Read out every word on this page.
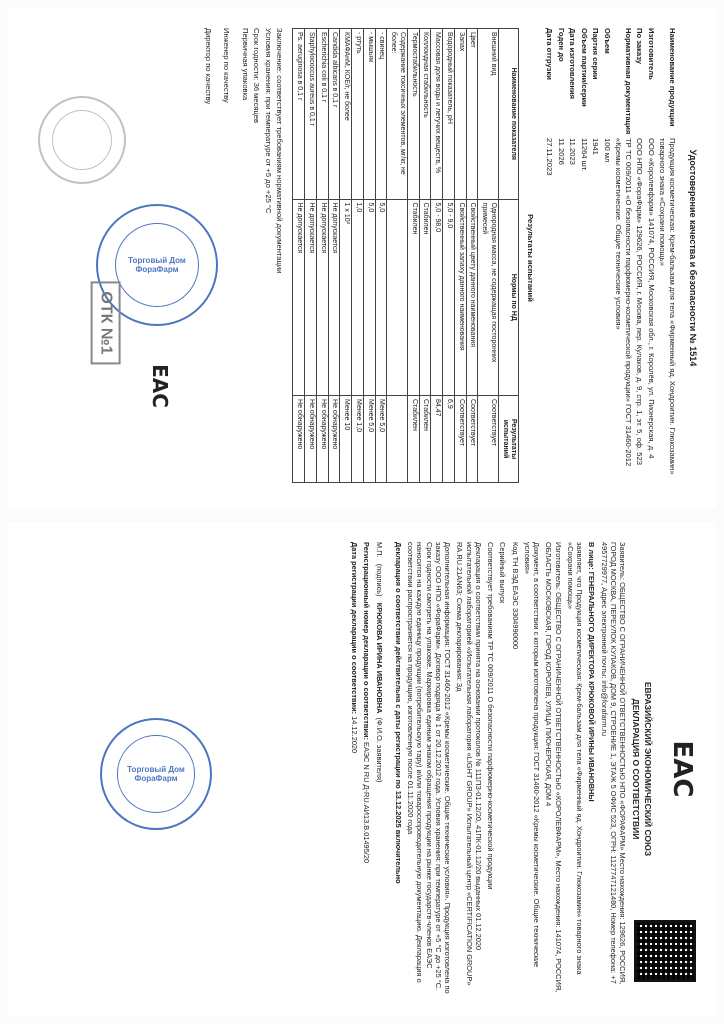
Удостоверение качества и безопасности № 1514
Наименование продукции
Продукция косметическая: Крем-бальзам для тела «Фирменный яд. Хондроитин. Глюкозамин» товарного знака «Сохрани помощь»
Изготовитель
ООО «Королевфарм» 141074, РОССИЯ, Московская обл., г. Королёв, ул. Пионерская, д. 4
По заказу
ООО НПО «ФораФарм» 129626, РОССИЯ, г. Москва, пер. Кулаков, д. 9, стр. 1, эт. 5, оф. 523
Нормативная документация
ТР ТС 009/2011 «О безопасности парфюмерно-косметической продукции» ГОСТ 31460-2012 «Кремы косметические. Общие технические условия»
Объем
100 мл
Партия серии
1941
Объем партии/серии
11264 шт.
Дата изготовления
11.2023
Годен до
11.2026
Дата отгрузки
27.11.2023
Результаты испытаний
Наименование показателя	Нормы по НД	Результаты испытаний
Внешний вид	Однородная масса, не содержащая посторонних примесей	Соответствует
Цвет	Свойственный цвету данного наименования	Соответствует
Запах	Свойственный запаху данного наименования	Соответствует
Водородный показатель, pH	5,0 - 9,0	6,9
Массовая доля воды и летучих веществ, %	5,0 - 98,0	84,47
Коллоидная стабильность	Стабилен	Стабилен
Термостабильность	Стабилен	Стабилен
Содержание токсичных элементов, мг/кг, не более:		
- свинец	5,0	Менее 5,0
- мышьяк	5,0	Менее 5,0
- ртуть	1,0	Менее 1,0
КМАФАнМ, КОЕ/г, не более	1 х 10³	Менее 10
Candida albicans в 0,1 г	Не допускается	Не обнаружено
Escherichia coli в 0,1 г	Не допускается	Не обнаружено
Staphylococcus aureus в 0,1 г	Не допускается	Не обнаружено
Ps. aeruginosa в 0,1 г	Не допускается	Не обнаружено

Заключение: соответствует требованиям нормативной документации

Условия хранения: при температуре от +5 до +25 °С

Срок годности: 36 месяцев

Первичная упаковка

Инженер по качеству

Директор по качеству

Торговый Дом ФораФарм
ОТК №1
ЕАС
ЕАС
ЕВРАЗИЙСКИЙ ЭКОНОМИЧЕСКИЙ СОЮЗ
ДЕКЛАРАЦИЯ О СООТВЕТСТВИИ

Заявитель: ОБЩЕСТВО С ОГРАНИЧЕННОЙ ОТВЕТСТВЕННОСТЬЮ НПО «ФОРАФАРМ» Место нахождения: 129626, РОССИЯ, ГОРОД МОСКВА, ПЕРЕУЛОК КУЛАКОВ, ДОМ 9, СТРОЕНИЕ 1, ЭТАЖ 5 ОФИС 523, ОГРН: 1127747121480, Номер телефона: +7 4957729977, Адрес электронной почты: info@forafarm.ru

В лице: ГЕНЕРАЛЬНОГО ДИРЕКТОРА КРЮКОВОЙ ИРИНЫ ИВАНОВНЫ

заявляет, что Продукция косметическая: Крем-бальзам для тела «Фирменный яд. Хондроитин. Глюкозамин» товарного знака «Сохрани помощь»

Изготовитель: ОБЩЕСТВО С ОГРАНИЧЕННОЙ ОТВЕТСТВЕННОСТЬЮ «КОРОЛЕВФАРМ», Место нахождения: 141074, РОССИЯ, ОБЛАСТЬ МОСКОВСКАЯ, ГОРОД КОРОЛЕВ, УЛИЦА ПИОНЕРСКАЯ, ДОМ 4

Документ, в соответствии с которым изготовлена продукция: ГОСТ 31460-2012 «Кремы косметические. Общие технические условия»

Код ТН ВЭД ЕАЭС 3304990000

Серийный выпуск

Соответствует требованиям ТР ТС 009/2011 О безопасности парфюмерно-косметической продукции

Декларация о соответствии принята на основании протоколов № 111ПЗ-01.12/20, 41ПК-01.12/20 выданных 01.12.2020 испытательной лабораторией «Испытательная лаборатория «LIGHT GROUP» Испытательный центр «CERTIFICATION GROUP» RA.RU.21AN63; Схема декларирования: 3д

Дополнительная информация: ГОСТ 31460-2012 «Кремы косметические. Общие технические условия». Продукция изготовлена по заказу ООО НПО «ФораФарм». Договор подряда № 1 от 20.12.2012 года. Условия хранения: при температуре от +5 °С до +25 °С. Срок годности смотреть на упаковке. Маркировка единым знаком обращения продукции на рынке государств-членов ЕАЭС наносится на каждую единицу продукции (потребительскую тару) и/или товаросопроводительную документацию. Декларация о соответствии распространяется на продукцию, изготовленную после 01.11.2020 года

Декларация о соответствии действительна с даты регистрации по 13.12.2025 включительно

М.П.   (подпись)   КРЮКОВА ИРИНА ИВАНОВНА  (Ф.И.О. заявителя)

Регистрационный номер декларации о соответствии: ЕАЭС N RU Д-RU.АИ13.В.01495/20

Дата регистрации декларации о соответствии: 14.12.2020

Торговый Дом ФораФарм
